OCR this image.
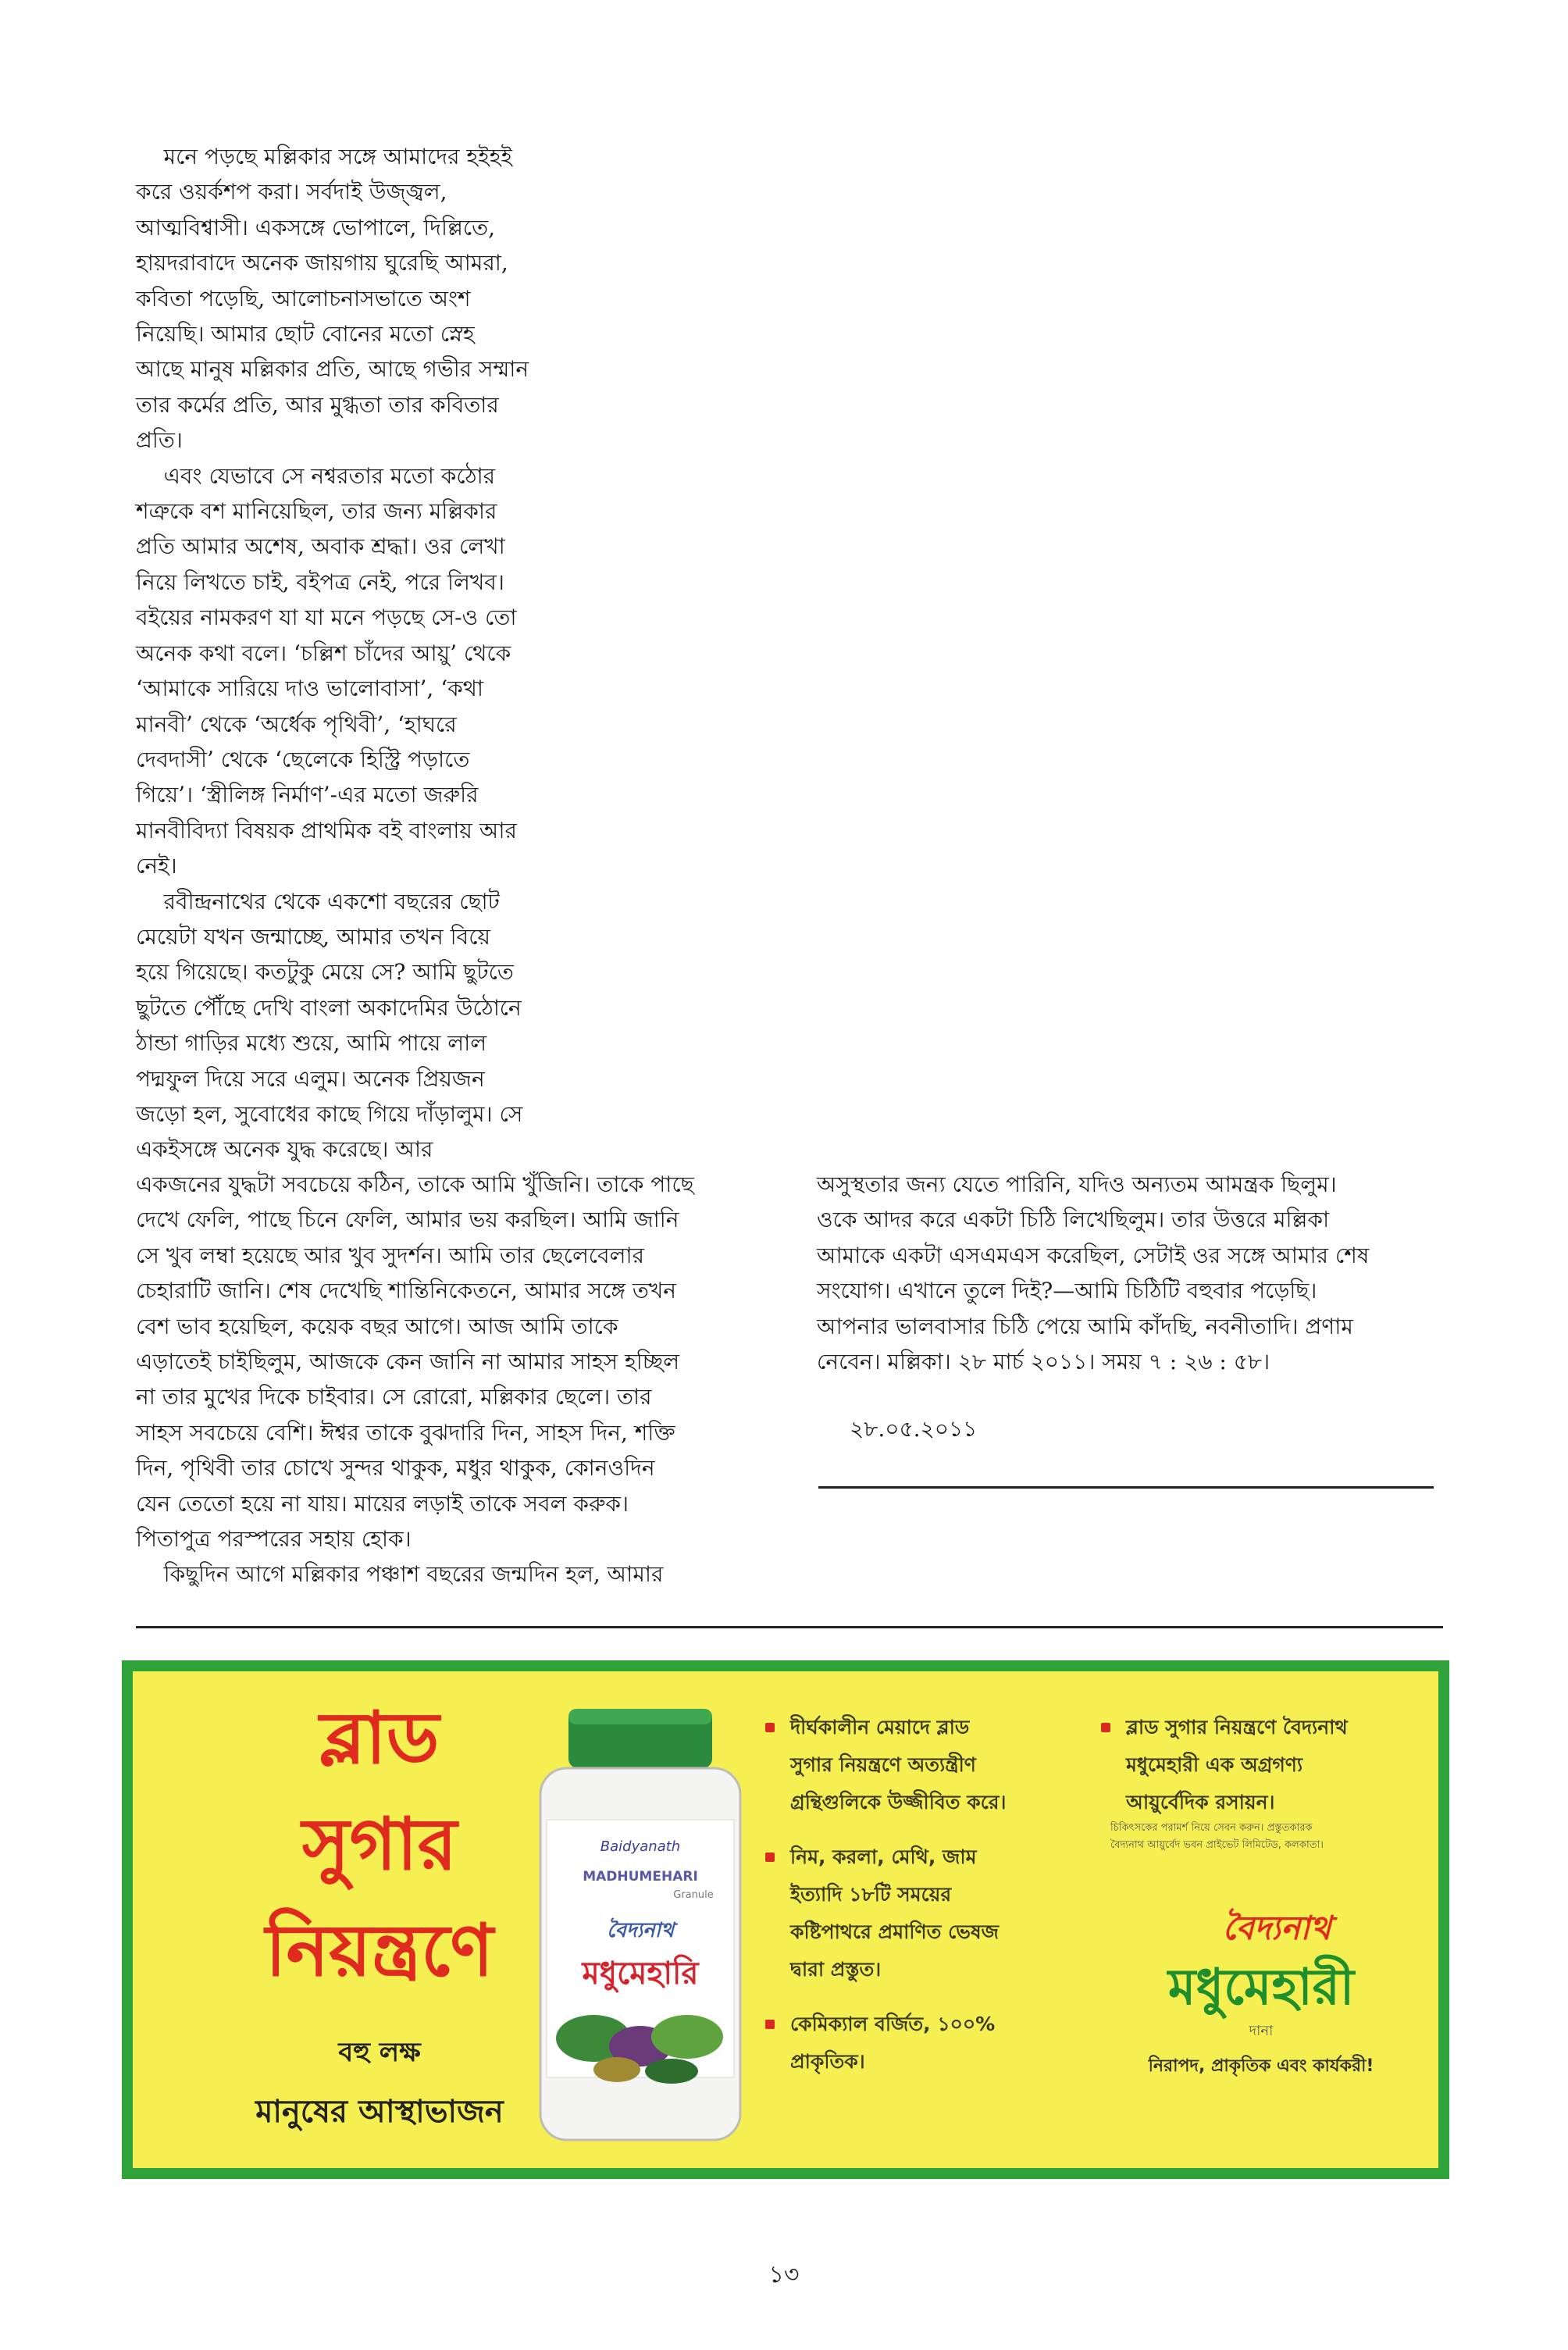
মনে পড়ছে মল্লিকার সঙ্গে আমাদের হইহই

করে ওয়র্কশপ করা। সর্বদাই উজ্জ্বল,

আত্মবিশ্বাসী। একসঙ্গে ভোপালে, দিল্লিতে,

হায়দরাবাদে অনেক জায়গায় ঘুরেছি আমরা,

কবিতা পড়েছি, আলোচনাসভাতে অংশ

নিয়েছি। আমার ছোট বোনের মতো স্নেহ

আছে মানুষ মল্লিকার প্রতি, আছে গভীর সম্মান

তার কর্মের প্রতি, আর মুগ্ধতা তার কবিতার

প্রতি।

এবং যেভাবে সে নশ্বরতার মতো কঠোর

শত্রুকে বশ মানিয়েছিল, তার জন্য মল্লিকার

প্রতি আমার অশেষ, অবাক শ্রদ্ধা। ওর লেখা

নিয়ে লিখতে চাই, বইপত্র নেই, পরে লিখব।

বইয়ের নামকরণ যা যা মনে পড়ছে সে-ও তো

অনেক কথা বলে। ‘চল্লিশ চাঁদের আয়ু’ থেকে

‘আমাকে সারিয়ে দাও ভালোবাসা’, ‘কথা

মানবী’ থেকে ‘অর্ধেক পৃথিবী’, ‘হাঘরে

দেবদাসী’ থেকে ‘ছেলেকে হিস্ট্রি পড়াতে

গিয়ে’। ‘স্ত্রীলিঙ্গ নির্মাণ’-এর মতো জরুরি

মানবীবিদ্যা বিষয়ক প্রাথমিক বই বাংলায় আর

নেই।

রবীন্দ্রনাথের থেকে একশো বছরের ছোট

মেয়েটা যখন জন্মাচ্ছে, আমার তখন বিয়ে

হয়ে গিয়েছে। কতটুকু মেয়ে সে? আমি ছুটতে

ছুটতে পৌঁছে দেখি বাংলা অকাদেমির উঠোনে

ঠান্ডা গাড়ির মধ্যে শুয়ে, আমি পায়ে লাল

পদ্মফুল দিয়ে সরে এলুম। অনেক প্রিয়জন

জড়ো হল, সুবোধের কাছে গিয়ে দাঁড়ালুম। সে

একইসঙ্গে অনেক যুদ্ধ করেছে। আর

একজনের যুদ্ধটা সবচেয়ে কঠিন, তাকে আমি খুঁজিনি। তাকে পাছে

দেখে ফেলি, পাছে চিনে ফেলি, আমার ভয় করছিল। আমি জানি

সে খুব লম্বা হয়েছে আর খুব সুদর্শন। আমি তার ছেলেবেলার

চেহারাটি জানি। শেষ দেখেছি শান্তিনিকেতনে, আমার সঙ্গে তখন

বেশ ভাব হয়েছিল, কয়েক বছর আগে। আজ আমি তাকে

এড়াতেই চাইছিলুম, আজকে কেন জানি না আমার সাহস হচ্ছিল

না তার মুখের দিকে চাইবার। সে রোরো, মল্লিকার ছেলে। তার

সাহস সবচেয়ে বেশি। ঈশ্বর তাকে বুঝদারি দিন, সাহস দিন, শক্তি

দিন, পৃথিবী তার চোখে সুন্দর থাকুক, মধুর থাকুক, কোনওদিন

যেন তেতো হয়ে না যায়। মায়ের লড়াই তাকে সবল করুক।

পিতাপুত্র পরস্পরের সহায় হোক।

কিছুদিন আগে মল্লিকার পঞ্চাশ বছরের জন্মদিন হল, আমার

অসুস্থতার জন্য যেতে পারিনি, যদিও অন্যতম আমন্ত্রক ছিলুম।

ওকে আদর করে একটা চিঠি লিখেছিলুম। তার উত্তরে মল্লিকা

আমাকে একটা এসএমএস করেছিল, সেটাই ওর সঙ্গে আমার শেষ

সংযোগ। এখানে তুলে দিই?—আমি চিঠিটি বহুবার পড়েছি।

আপনার ভালবাসার চিঠি পেয়ে আমি কাঁদছি, নবনীতাদি। প্রণাম

নেবেন। মল্লিকা। ২৮ মার্চ ২০১১। সময় ৭ : ২৬ : ৫৮।

২৮.০৫.২০১১
ব্লাড
সুগার
নিয়ন্ত্রণে
বহু লক্ষ
মানুষের আস্থাভাজন
Baidyanath
MADHUMEHARI
Granule
বৈদ্যনাথ
মধুমেহারি

দীর্ঘকালীন মেয়াদে ব্লাড

সুগার নিয়ন্ত্রণে অত্যন্ত্রীণ

গ্রন্থিগুলিকে উজ্জীবিত করে।

নিম, করলা, মেথি, জাম

ইত্যাদি ১৮টি সময়ের

কষ্টিপাথরে প্রমাণিত ভেষজ

দ্বারা প্রস্তুত।

কেমিক্যাল বর্জিত, ১০০%

প্রাকৃতিক।

ব্লাড সুগার নিয়ন্ত্রণে বৈদ্যনাথ

মধুমেহারী এক অগ্রগণ্য

আয়ুর্বেদিক রসায়ন।

চিকিৎসকের পরামর্শ নিয়ে সেবন করুন। প্রস্তুতকারক

বৈদ্যনাথ আয়ুর্বেদ ভবন প্রাইভেট লিমিটেড, কলকাতা।

বৈদ্যনাথ
মধুমেহারী
দানা
নিরাপদ, প্রাকৃতিক এবং কার্যকরী!
১৩
